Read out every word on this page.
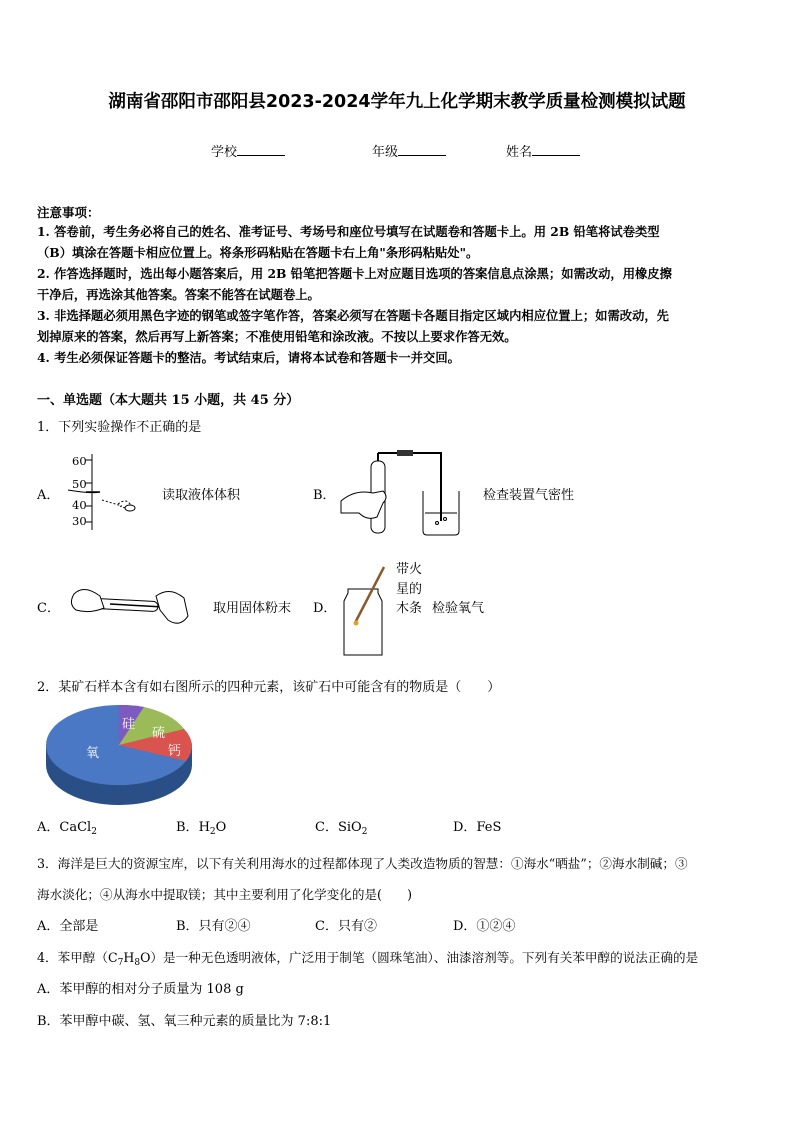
湖南省邵阳市邵阳县2023-2024学年九上化学期末教学质量检测模拟试题
学校	年级	姓名
注意事项：
1. 答卷前，考生务必将自己的姓名、准考证号、考场号和座位号填写在试题卷和答题卡上。用 2B 铅笔将试卷类型
（B）填涂在答题卡相应位置上。将条形码粘贴在答题卡右上角"条形码粘贴处"。
2. 作答选择题时，选出每小题答案后，用 2B 铅笔把答题卡上对应题目选项的答案信息点涂黑；如需改动，用橡皮擦
干净后，再选涂其他答案。答案不能答在试题卷上。
3. 非选择题必须用黑色字迹的钢笔或签字笔作答，答案必须写在答题卡各题目指定区域内相应位置上；如需改动，先
划掉原来的答案，然后再写上新答案；不准使用铅笔和涂改液。不按以上要求作答无效。
4. 考生必须保证答题卡的整洁。考试结束后，请将本试卷和答题卡一并交回。
一、单选题（本大题共 15 小题，共 45 分）
1．下列实验操作不正确的是
A．
60
50
40
30
读取液体体积	B．	检查装置气密性
C．	取用固体粉末 D．
带火
星的
木条 检验氧气
2．某矿石样本含有如右图所示的四种元素，该矿石中可能含有的物质是（　　）
氧
硅
硫
钙
A．CaCl$_2$	B．$H_2O$	C．SiO$_2$	D．FeS
3．海洋是巨大的资源宝库，以下有关利用海水的过程都体现了人类改造物质的智慧：①海水“晒盐”；②海水制碱；③
海水淡化；④从海水中提取镁；其中主要利用了化学变化的是(　　)
A．全部是	B．只有②④	C．只有②	D．①②④
4．苯甲醇$(C_7H_8O)$是一种无色透明液体，广泛用于制笔（圆珠笔油）、油漆溶剂等。下列有关苯甲醇的说法正确的是
A．苯甲醇的相对分子质量为 108 g
B．苯甲醇中碳、氢、氧三种元素的质量比为 7:8:1
